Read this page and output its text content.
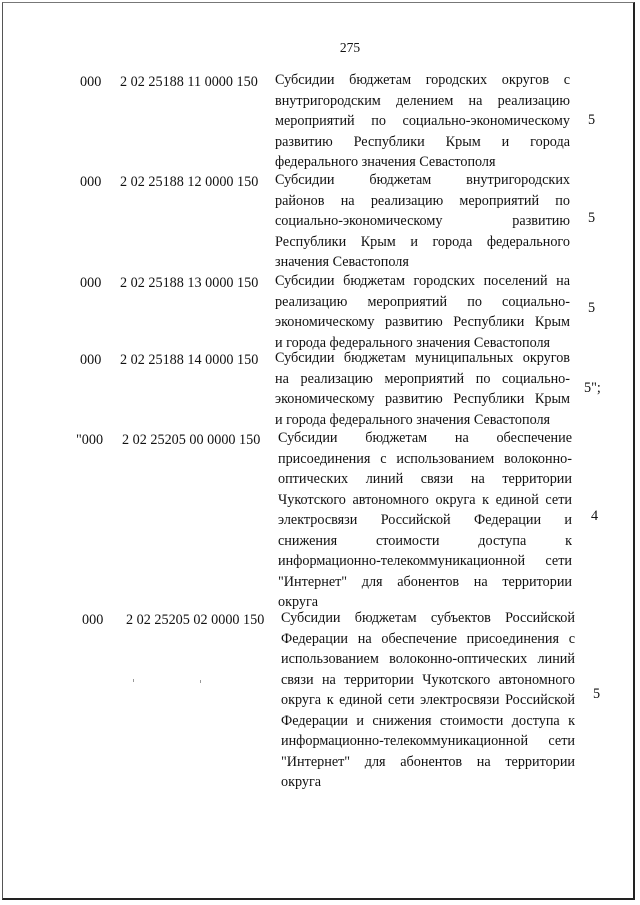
275
000 2 02 25188 11 0000 150 Субсидии бюджетам городских округов с
внутригородским делением на реализацию
мероприятий по социально-экономическому
развитию Республики Крым и города
федерального значения Севастополя
5
000 2 02 25188 12 0000 150 Субсидии бюджетам внутригородских
районов на реализацию мероприятий по
социально-экономическому развитию
Республики Крым и города федерального
значения Севастополя
5
000 2 02 25188 13 0000 150 Субсидии бюджетам городских поселений на
реализацию мероприятий по социально-
экономическому развитию Республики Крым
и города федерального значения Севастополя
5
000 2 02 25188 14 0000 150 Субсидии бюджетам муниципальных округов
на реализацию мероприятий по социально-
экономическому развитию Республики Крым
и города федерального значения Севастополя
5";
"000 2 02 25205 00 0000 150 Субсидии бюджетам на обеспечение
присоединения с использованием волоконно-
оптических линий связи на территории
Чукотского автономного округа к единой сети
электросвязи Российской Федерации и
снижения стоимости доступа к
информационно-телекоммуникационной сети
"Интернет" для абонентов на территории
округа
4
000 2 02 25205 02 0000 150 Субсидии бюджетам субъектов Российской
Федерации на обеспечение присоединения с
использованием волоконно-оптических линий
связи на территории Чукотского автономного
округа к единой сети электросвязи Российской
Федерации и снижения стоимости доступа к
информационно-телекоммуникационной сети
"Интернет" для абонентов на территории
округа
5
